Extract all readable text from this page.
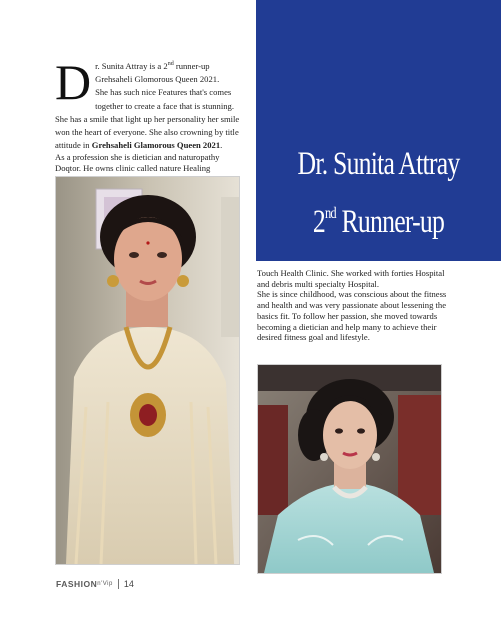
D r. Sunita Attray is a 2nd runner-up
Grehsaheli Glomorous Queen 2021.
She has such nice Features that's comes
together to create a face that is stunning. She has a smile that light up her personality her smile won the heart of everyone. She also crowning by title attitude in Grehsaheli Glamorous Queen 2021.
As a profession she is dietician and naturopathy Doqtor. He owns clinic called nature Healing	Dr. Sunita Attray
2nd Runner-up

Touch Health Clinic. She worked with forties Hospital and debris multi specialty Hospital.

She is since childhood, was conscious about the fitness and health and was very passionate about lessening the basics fit. To follow her passion, she moved towards becoming a dietician and help many to achieve their desired fitness goal and lifestyle.

$FASHION^{n'Vip}$ 14
